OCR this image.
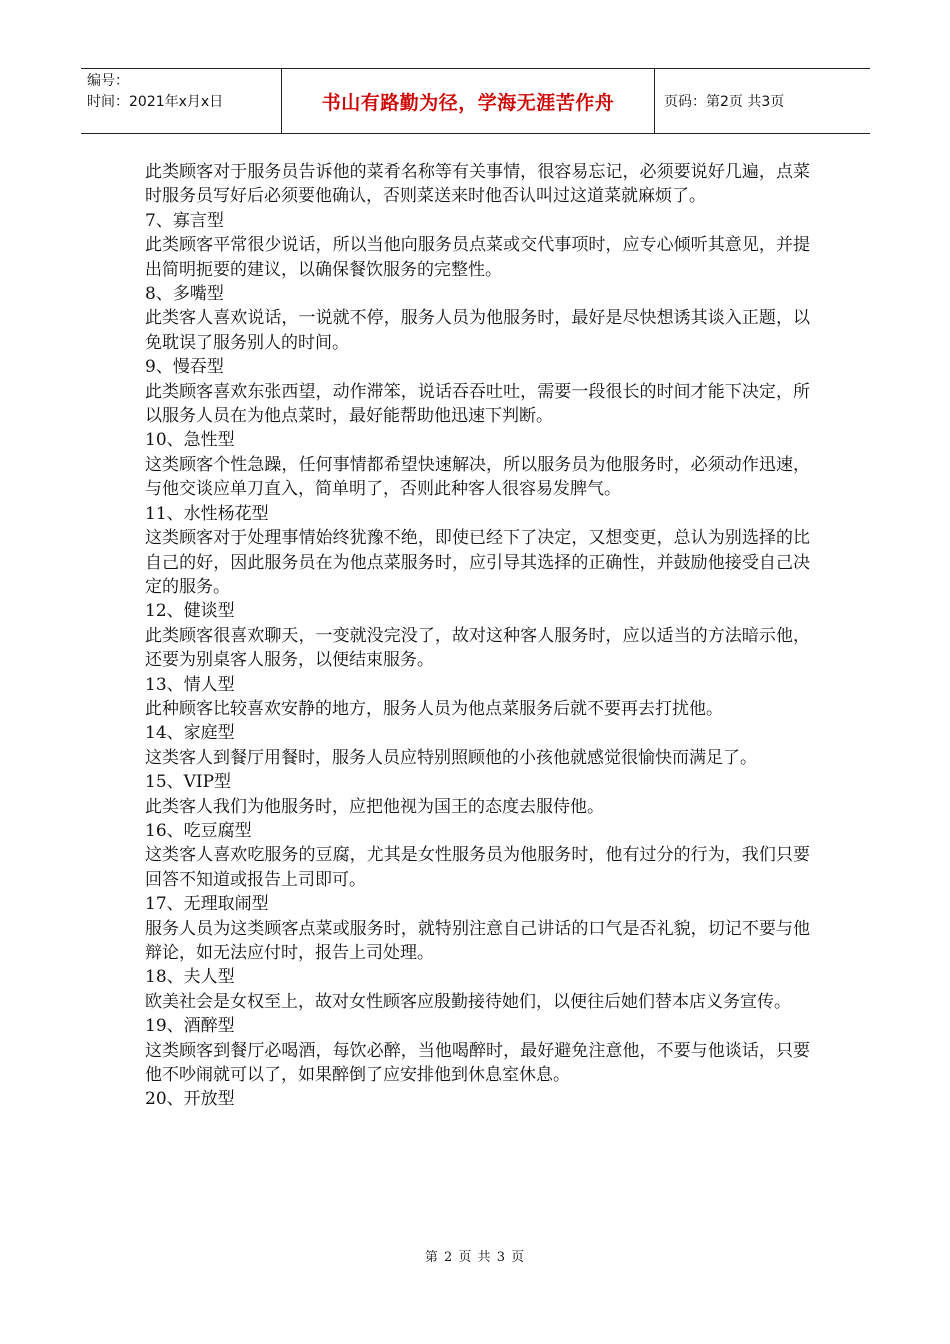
编号：
时间：2021年x月x日	书山有路勤为径，学海无涯苦作舟	页码：第2页 共3页

此类顾客对于服务员告诉他的菜肴名称等有关事情，很容易忘记，必须要说好几遍，点菜时服务员写好后必须要他确认，否则菜送来时他否认叫过这道菜就麻烦了。

7、寡言型

此类顾客平常很少说话，所以当他向服务员点菜或交代事项时，应专心倾听其意见，并提出简明扼要的建议，以确保餐饮服务的完整性。

8、多嘴型

此类客人喜欢说话，一说就不停，服务人员为他服务时，最好是尽快想诱其谈入正题，以免耽误了服务别人的时间。

9、慢吞型

此类顾客喜欢东张西望，动作滞笨，说话吞吞吐吐，需要一段很长的时间才能下决定，所以服务人员在为他点菜时，最好能帮助他迅速下判断。

10、急性型

这类顾客个性急躁，任何事情都希望快速解决，所以服务员为他服务时，必须动作迅速，与他交谈应单刀直入，简单明了，否则此种客人很容易发脾气。

11、水性杨花型

这类顾客对于处理事情始终犹豫不绝，即使已经下了决定，又想变更，总认为别选择的比自己的好，因此服务员在为他点菜服务时，应引导其选择的正确性，并鼓励他接受自己决定的服务。

12、健谈型

此类顾客很喜欢聊天，一变就没完没了，故对这种客人服务时，应以适当的方法暗示他，还要为别桌客人服务，以便结束服务。

13、情人型

此种顾客比较喜欢安静的地方，服务人员为他点菜服务后就不要再去打扰他。

14、家庭型

这类客人到餐厅用餐时，服务人员应特别照顾他的小孩他就感觉很愉快而满足了。

15、VIP型

此类客人我们为他服务时，应把他视为国王的态度去服侍他。

16、吃豆腐型

这类客人喜欢吃服务的豆腐，尤其是女性服务员为他服务时，他有过分的行为，我们只要回答不知道或报告上司即可。

17、无理取闹型

服务人员为这类顾客点菜或服务时，就特别注意自己讲话的口气是否礼貌，切记不要与他辩论，如无法应付时，报告上司处理。

18、夫人型

欧美社会是女权至上，故对女性顾客应殷勤接待她们，以便往后她们替本店义务宣传。

19、酒醉型

这类顾客到餐厅必喝酒，每饮必醉，当他喝醉时，最好避免注意他，不要与他谈话，只要他不吵闹就可以了，如果醉倒了应安排他到休息室休息。

20、开放型

第 2 页 共 3 页
